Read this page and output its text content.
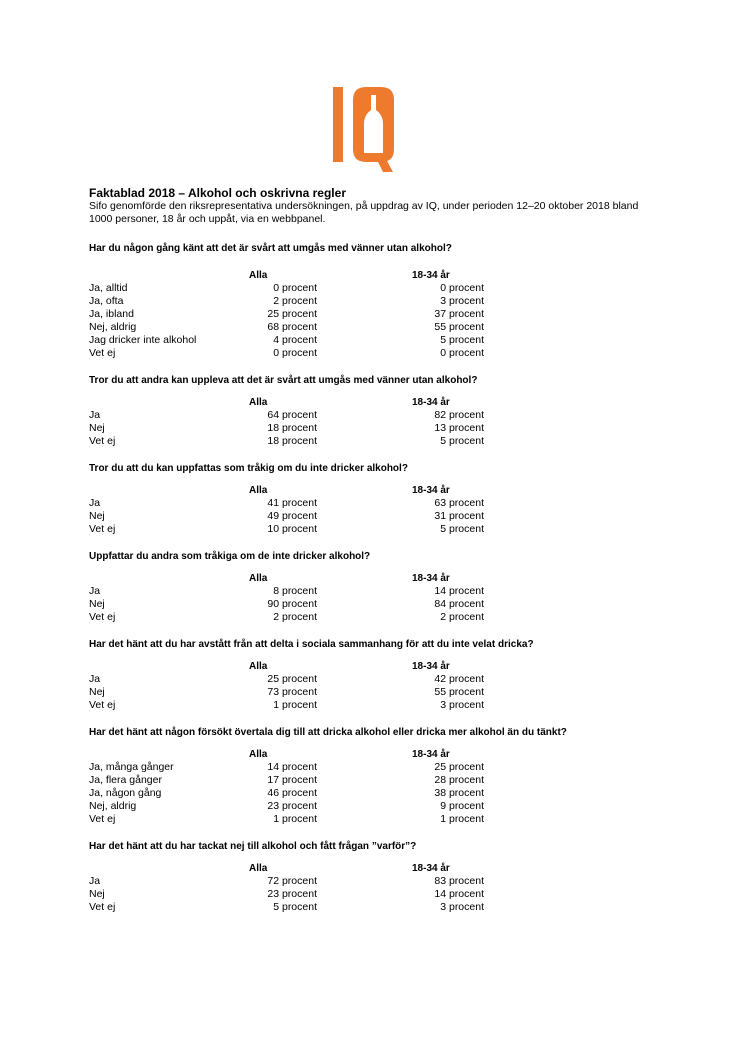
IQ

Faktablad 2018 – Alkohol och oskrivna regler

Sifo genomförde den riksrepresentativa undersökningen, på uppdrag av IQ, under perioden 12–20 oktober 2018 bland 1000 personer, 18 år och uppåt, via en webbpanel.

Har du någon gång känt att det är svårt att umgås med vänner utan alkohol?

	Alla		18-34 år
Ja, alltid	0 procent		0 procent
Ja, ofta	2 procent		3 procent
Ja, ibland	25 procent		37 procent
Nej, aldrig	68 procent		55 procent
Jag dricker inte alkohol	4 procent		5 procent
Vet ej	0 procent		0 procent

Tror du att andra kan uppleva att det är svårt att umgås med vänner utan alkohol?

	Alla		18-34 år
Ja	64 procent		82 procent
Nej	18 procent		13 procent
Vet ej	18 procent		5 procent

Tror du att du kan uppfattas som tråkig om du inte dricker alkohol?

	Alla		18-34 år
Ja	41 procent		63 procent
Nej	49 procent		31 procent
Vet ej	10 procent		5 procent

Uppfattar du andra som tråkiga om de inte dricker alkohol?

	Alla		18-34 år
Ja	8 procent		14 procent
Nej	90 procent		84 procent
Vet ej	2 procent		2 procent

Har det hänt att du har avstått från att delta i sociala sammanhang för att du inte velat dricka?

	Alla		18-34 år
Ja	25 procent		42 procent
Nej	73 procent		55 procent
Vet ej	1 procent		3 procent

Har det hänt att någon försökt övertala dig till att dricka alkohol eller dricka mer alkohol än du tänkt?

	Alla		18-34 år
Ja, många gånger	14 procent		25 procent
Ja, flera gånger	17 procent		28 procent
Ja, någon gång	46 procent		38 procent
Nej, aldrig	23 procent		9 procent
Vet ej	1 procent		1 procent

Har det hänt att du har tackat nej till alkohol och fått frågan ”varför”?

	Alla		18-34 år
Ja	72 procent		83 procent
Nej	23 procent		14 procent
Vet ej	5 procent		3 procent
